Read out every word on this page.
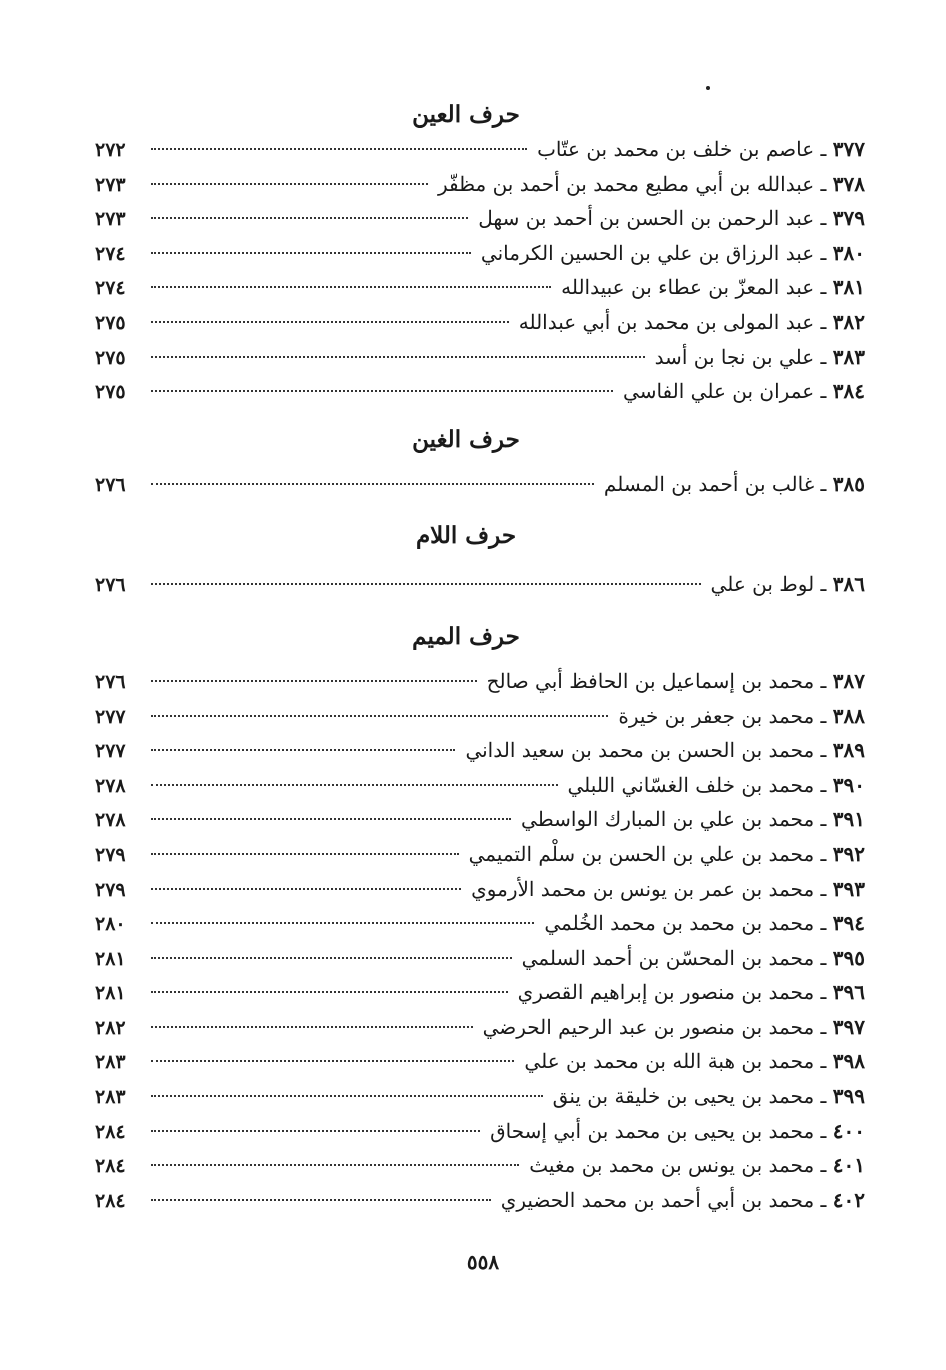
حرف العين
٣٧٧ ـ عاصم بن خلف بن محمد بن عتّاب
٢٧٢
٣٧٨ ـ عبدالله بن أبي مطيع محمد بن أحمد بن مظفّر
٢٧٣
٣٧٩ ـ عبد الرحمن بن الحسن بن أحمد بن سهل
٢٧٣
٣٨٠ ـ عبد الرزاق بن علي بن الحسين الكرماني
٢٧٤
٣٨١ ـ عبد المعزّ بن عطاء بن عبيدالله
٢٧٤
٣٨٢ ـ عبد المولى بن محمد بن أبي عبدالله
٢٧٥
٣٨٣ ـ علي بن نجا بن أسد
٢٧٥
٣٨٤ ـ عمران بن علي الفاسي
٢٧٥
حرف الغين
٣٨٥ ـ غالب بن أحمد بن المسلم
٢٧٦
حرف اللام
٣٨٦ ـ لوط بن علي
٢٧٦
حرف الميم
٣٨٧ ـ محمد بن إسماعيل بن الحافظ أبي صالح
٢٧٦
٣٨٨ ـ محمد بن جعفر بن خيرة
٢٧٧
٣٨٩ ـ محمد بن الحسن بن محمد بن سعيد الداني
٢٧٧
٣٩٠ ـ محمد بن خلف الغسّاني اللبلي
٢٧٨
٣٩١ ـ محمد بن علي بن المبارك الواسطي
٢٧٨
٣٩٢ ـ محمد بن علي بن الحسن بن سلْم التميمي
٢٧٩
٣٩٣ ـ محمد بن عمر بن يونس بن محمد الأرموي
٢٧٩
٣٩٤ ـ محمد بن محمد بن محمد الخُلمي
٢٨٠
٣٩٥ ـ محمد بن المحسّن بن أحمد السلمي
٢٨١
٣٩٦ ـ محمد بن منصور بن إبراهيم القصري
٢٨١
٣٩٧ ـ محمد بن منصور بن عبد الرحيم الحرضي
٢٨٢
٣٩٨ ـ محمد بن هبة الله بن محمد بن علي
٢٨٣
٣٩٩ ـ محمد بن يحيى بن خليقة بن ينق
٢٨٣
٤٠٠ ـ محمد بن يحيى بن محمد بن أبي إسحاق
٢٨٤
٤٠١ ـ محمد بن يونس بن محمد بن مغيث
٢٨٤
٤٠٢ ـ محمد بن أبي أحمد بن محمد الحضيري
٢٨٤
٥٥٨
